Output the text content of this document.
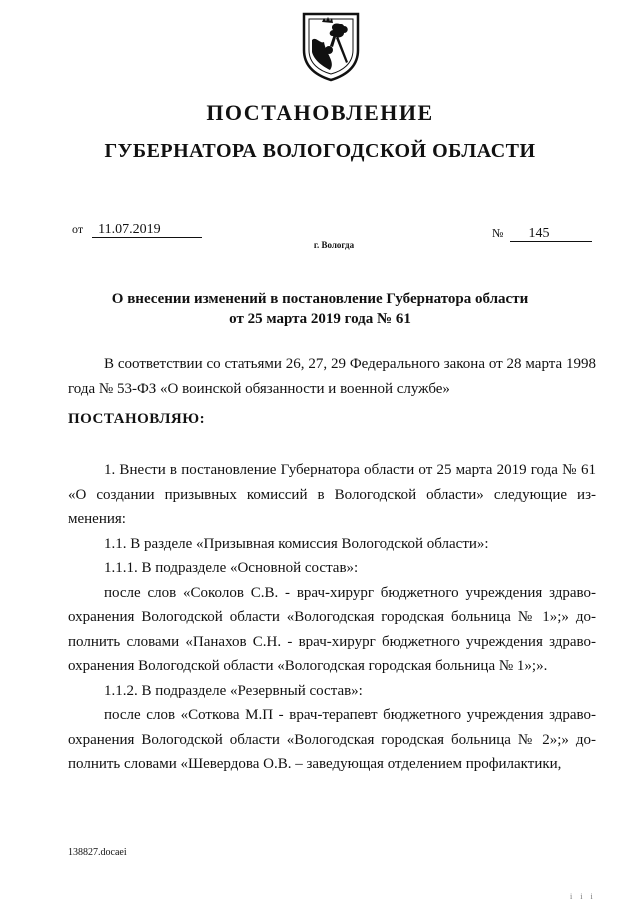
ПОСТАНОВЛЕНИЕ
ГУБЕРНАТОРА ВОЛОГОДСКОЙ ОБЛАСТИ
от 11.07.2019	№ 145
г. Вологда
О внесении изменений в постановление Губернатора области
от 25 марта 2019 года № 61
В соответствии со статьями 26, 27, 29 Федерального закона от 28 марта 1998 года № 53-ФЗ «О воинской обязанности и военной службе»
ПОСТАНОВЛЯЮ:

1. Внести в постановление Губернатора области от 25 марта 2019 года № 61 «О создании призывных комиссий в Вологодской области» следующие изменения:

1.1. В разделе «Призывная комиссия Вологодской области»:

1.1.1. В подразделе «Основной состав»:

после слов «Соколов С.В. - врач-хирург бюджетного учреждения здравоохранения Вологодской области «Вологодская городская больница № 1»;» дополнить словами «Панахов С.Н. - врач-хирург бюджетного учреждения здравоохранения Вологодской области «Вологодская городская больница № 1»;».

1.1.2. В подразделе «Резервный состав»:

после слов «Соткова М.П - врач-терапевт бюджетного учреждения здравоохранения Вологодской области «Вологодская городская больница № 2»;» дополнить словами «Шевердова О.В. – заведующая отделением профилактики,

138827.docaei
і і і
